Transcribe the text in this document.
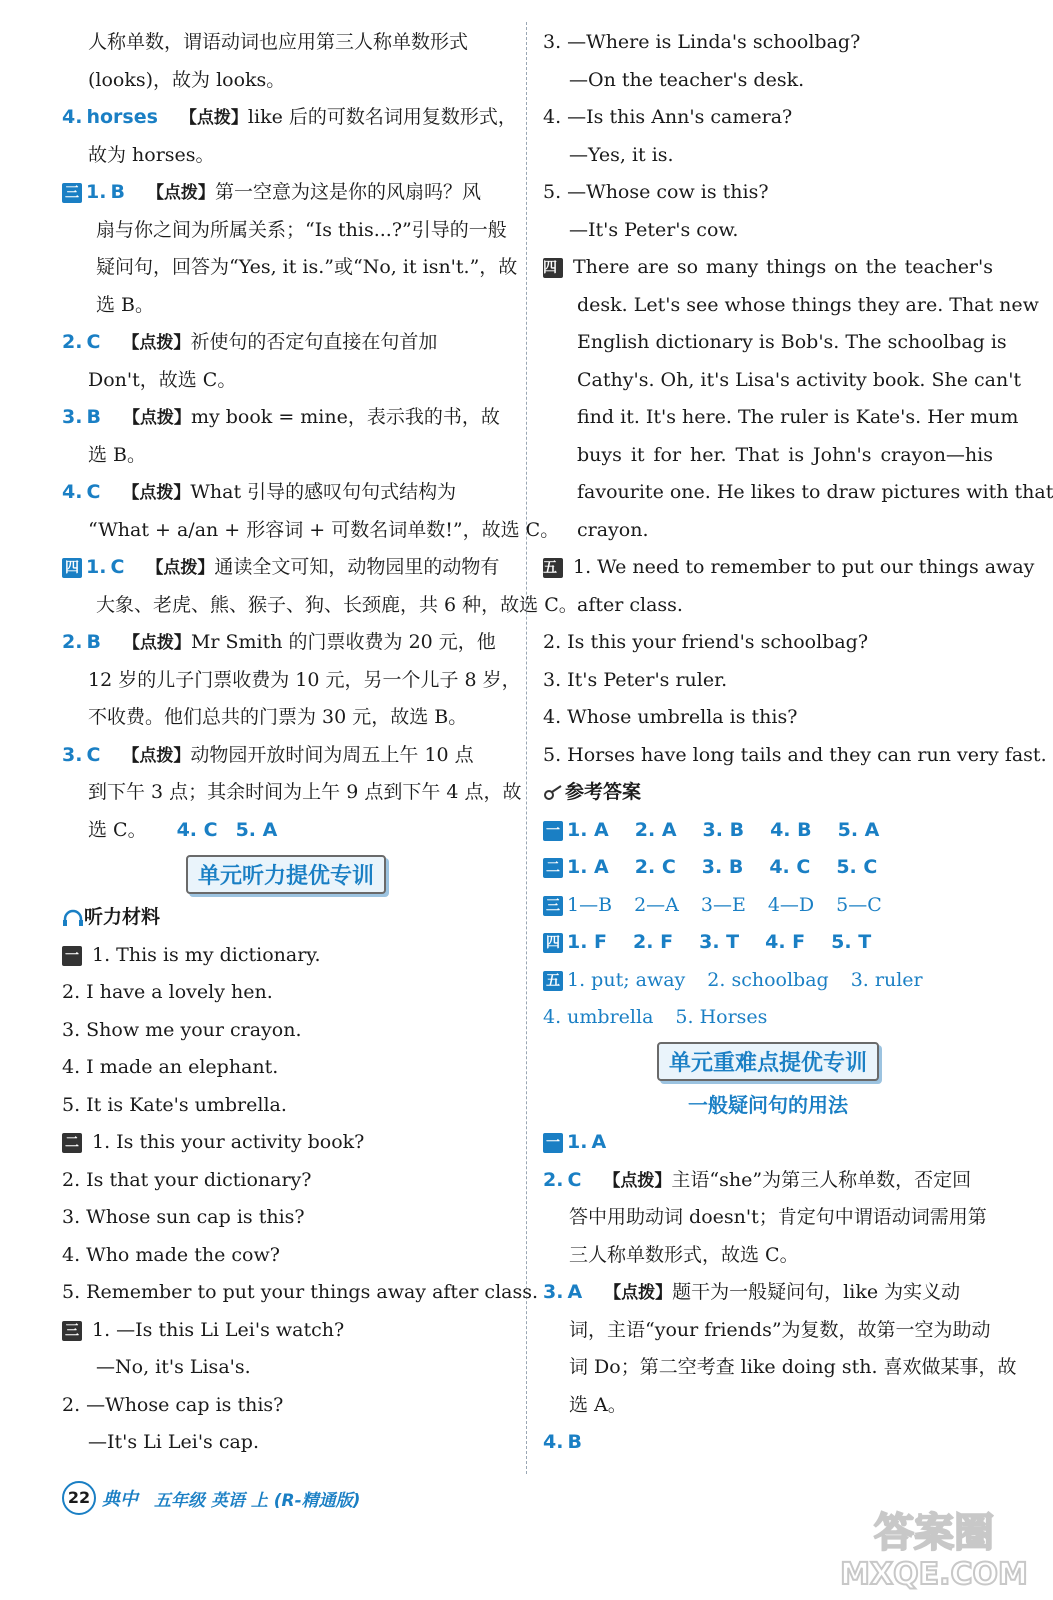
人称单数，谓语动词也应用第三人称单数形式
(looks)，故为 looks。
4. horses 【点拨】like 后的可数名词用复数形式，
故为 horses。
三 1. B 【点拨】第一空意为这是你的风扇吗？风
扇与你之间为所属关系；“Is this...?”引导的一般
疑问句，回答为“Yes, it is.”或“No, it isn't.”，故
选 B。
2. C 【点拨】祈使句的否定句直接在句首加
Don't，故选 C。
3. B 【点拨】my book = mine，表示我的书，故
选 B。
4. C 【点拨】What 引导的感叹句句式结构为
“What + a/an + 形容词 + 可数名词单数!”，故选 C。
四 1. C 【点拨】通读全文可知，动物园里的动物有
大象、老虎、熊、猴子、狗、长颈鹿，共 6 种，故选 C。
2. B 【点拨】Mr Smith 的门票收费为 20 元，他
12 岁的儿子门票收费为 10 元，另一个儿子 8 岁，
不收费。他们总共的门票为 30 元，故选 B。
3. C 【点拨】动物园开放时间为周五上午 10 点
到下午 3 点；其余时间为上午 9 点到下午 4 点，故
选 C。 4. C 5. A
单元听力提优专训
听力材料
一 1. This is my dictionary.
2. I have a lovely hen.
3. Show me your crayon.
4. I made an elephant.
5. It is Kate's umbrella.
二 1. Is this your activity book?
2. Is that your dictionary?
3. Whose sun cap is this?
4. Who made the cow?
5. Remember to put your things away after class.
三 1. —Is this Li Lei's watch?
—No, it's Lisa's.
2. —Whose cap is this?
—It's Li Lei's cap.
3. —Where is Linda's schoolbag?
—On the teacher's desk.
4. —Is this Ann's camera?
—Yes, it is.
5. —Whose cow is this?
—It's Peter's cow.
四 There are so many things on the teacher's
desk. Let's see whose things they are. That new
English dictionary is Bob's. The schoolbag is
Cathy's. Oh, it's Lisa's activity book. She can't
find it. It's here. The ruler is Kate's. Her mum
buys it for her. That is John's crayon—his
favourite one. He likes to draw pictures with that
crayon.
五 1. We need to remember to put our things away
after class.
2. Is this your friend's schoolbag?
3. It's Peter's ruler.
4. Whose umbrella is this?
5. Horses have long tails and they can run very fast.
参考答案
一 1. A 2. A 3. B 4. B 5. A
二 1. A 2. C 3. B 4. C 5. C
三 1—B 2—A 3—E 4—D 5—C
四 1. F 2. F 3. T 4. F 5. T
五 1. put; away 2. schoolbag 3. ruler
4. umbrella 5. Horses
单元重难点提优专训
一般疑问句的用法
一 1. A
2. C 【点拨】主语“she”为第三人称单数，否定回
答中用助动词 doesn't；肯定句中谓语动词需用第
三人称单数形式，故选 C。
3. A 【点拨】题干为一般疑问句，like 为实义动
词，主语“your friends”为复数，故第一空为助动
词 Do；第二空考查 like doing sth. 喜欢做某事，故
选 A。
4. B
22 典中 五年级 英语 上 (R-精通版)
答案圈
MXQE.COM
